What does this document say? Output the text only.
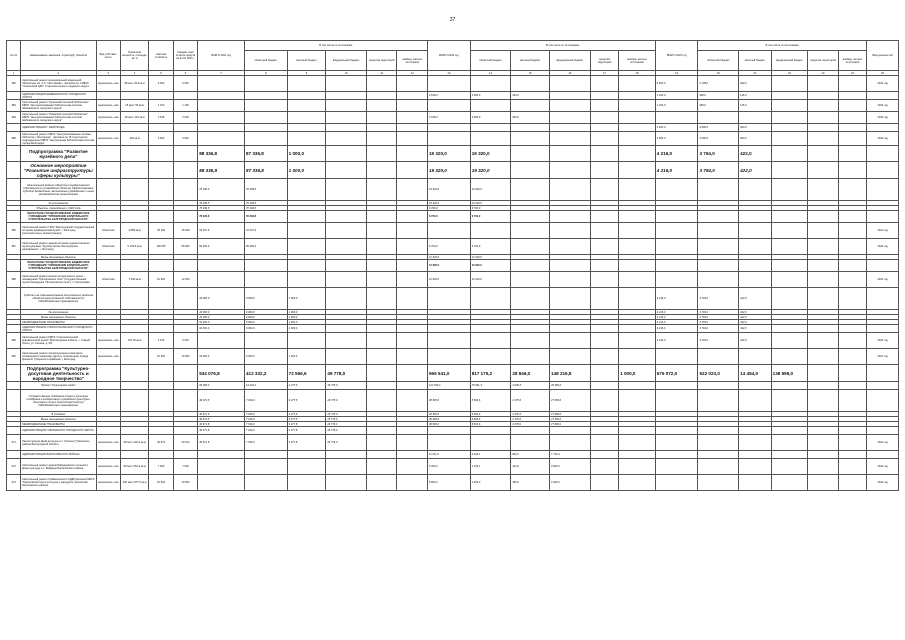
37
№ п/п	Наименование заказчика, отрасли(й), объектов	Вид собствен- ности	Проектная мощность, площадь, кв. м	Сметная стоимость	Ожидае- мый остаток средств на 01.01 2021 г.	ВСЕГО 2021 год	В том числе по источникам:					ВСЕГО 2022 год	В том числе по источникам:					ВСЕГО 2023 год	В том числе по источникам:					Ввод мощностей
							областной бюджет	местный бюджет	федеральный бюджет	средства территорий	внебюд- жетных источников		областной бюджет	местный бюджет	федеральный бюджет	средства территорий	внебюд- жетных источников		областной бюджет	местный бюджет	федеральный бюджет	средства территорий	внебюд- жетных источников	
1	2	3	4	5	6	7	8	9	10	11	12	13	14	15	16	17	18	19	20	21	22	23	24	25
382	Капитальный ремонт муниципальной модельной библиотеки им. А.С. Светланова – филиала № 1 МБУК "Оскольский ЦБС" Старооскольского городского округа	муниципаль- ная	89 мест 313 кв.м	6 600	6 600													6 600,0	6 138,0	462,0				2023 год
	АДМИНИСТРАЦИЯ ШЕБЕКИНСКОГО ГОРОДСКОГО ОКРУГА											2 618,0	2 355,0	263,0				1 106,0	990,0	116,0				
383	Капитальный ремонт "Купинский сельской библиотеки" МБУК "Централизованная библиотечная система Шебекинского городского округа"	муниципаль- ная	15 мест 55 кв.м	1 100	1 100													1 106,0	990,0	116,0				2023 год
384	Капитальный ремонт "Ржевской сельской библиотеки" МБУК "Централизованная библиотечная система Шебекинского городского округа"	муниципаль- ная	28 мест 115 кв.м	2 618	2 618							2 618,0	2 355,0	263,0										2022 год
	АДМИНИСТРАЦИЯ Г. БЕЛГОРОДА																	4 600,0	4 000,0	600,0				
385	Капитальный ремонт МБУК "Централизованная система библиотек г. Белгорода" - филиала № 19 структурного подразделения МБУК "Центральная библиотечная система города Белгорода"	муниципаль- ная	340 кв.м	4 600	4 600													4 600,0	4 000,0	600,0				2023 год
	Подпрограмма "Развитие музейного дела"					88 336,8	87 336,8	1 000,0				19 320,0	19 320,0					4 216,0	3 794,0	422,0				
	Основное мероприятие "Развитие инфраструктуры сферы культуры"					88 336,8	87 336,8	1 000,0				19 320,0	19 320,0					4 216,0	3 794,0	422,0				
	Капитальный ремонт объектов государственной собственности (учреждений области) (Предоставление субсидий бюджетным, автономным учреждениям и иным некоммерческим организациям)					78 336,8	78 336,8					19 320,0	19 320,0											
	За исключением					70 336,8	70 336,8					10 320,0	10 320,0											
	Объекты, переходящие с 2020 года					78 336,8	78 336,8					6 700,0	6 700,0											
	ОБЛАСТНОЕ ГОСУДАРСТВЕННОЕ БЮДЖЕТНОЕ УЧРЕЖДЕНИЕ "УПРАВЛЕНИЕ КАПИТАЛЬНОГО СТРОИТЕЛЬСТВА БЕЛГОРОДСКОЙ ОБЛАСТИ"					78 336,8	78 336,8					6 700,0	6 700,0											
386	Капитальный ремонт ГБУК "Белгородский государственный историко-краеведческий музей", г. Белгород (дополнительно, реконструкция)	областная	4 889 кв.м	45 193	16 030	15 037,5	16 037,5																	2021 год
387	Капитальный ремонт здания историко-художественного музея-диорамы "Курская битва. Белгородское направление", г. Белгород	областная	5 103,9 кв.м	136 557	56 900	56 299,3	56 299,3					6 700,0	6 700,0											2022 год
	Вновь начинаемые объекты											12 620,0	12 620,0											
	ОБЛАСТНОЕ ГОСУДАРСТВЕННОЕ БЮДЖЕТНОЕ УЧРЕЖДЕНИЕ "УПРАВЛЕНИЕ КАПИТАЛЬНОГО СТРОИТЕЛЬСТВА БЕЛГОРОДСКОЙ ОБЛАСТИ"											12 620,0	12 620,0											
388	Капитальный ремонт военно-исторического музея-заповедника "Прохоровское поле" (Государственный музей-заповедник "Прохоровское поле"), п. Прохоровка	областная	7 946 кв.м	12 620	12 620							12 620,0	12 620,0											2022 год
	Субсидии на софинансирование капитального ремонта объектов муниципальной собственности (Межбюджетные трансферты)					10 000,0	9 000,0	1 000,0										4 216,0	3 794,0	422,0				
	За исключением					10 000,0	9 000,0	1 000,0										4 216,0	3 794,0	422,0				
	Вновь начинаемые объекты					10 000,0	9 000,0	1 000,0										4 216,0	3 794,0	422,0				
	МЕЖБЮДЖЕТНЫЕ ТРАНСФЕРТЫ					10 000,0	9 000,0	1 000,0										4 216,0	3 794,0	422,0				
	АДМИНИСТРАЦИЯ СТАРООСКОЛЬСКОГО ГОРОДСКОГО ОКРУГА					10 000,0	9 000,0	1 000,0										4 216,0	3 794,0	422,0				
389	Капитальный ремонт МБУК "Старооскольский краеведческий музей" (Белгородская область, г. Старый Оскол, ул. Ленина, д. 50)	муниципаль- ная	197,20 кв.м	4 216	4 216													4 216,0	3 794,0	422,0				2023 год
390	Капитальный ремонт экспозиционного комплекса, посвящённого казачьему-фронту отмечённому отряда Донского Губернского крайкома, г. Белгород	муниципаль- ная		10 000	10 000	10 000,0	9 000,0	1 000,0																2021 год
	Подпрограмма "Культурно-досуговая деятельность и народное творчество"					534 076,8	412 332,2	72 566,6	49 778,0			969 541,0	817 175,2	28 846,0	148 216,8		1 000,0	675 072,0	522 023,0	14 454,0	138 595,0			
	Проект "Культурная среда"					66 288,3	13 232,2	3 277,8	49 778,0			122 549,1	78 961,3	3 006,8	40 580,0									
	Государственная поддержка отрасли культуры (поддержка в модернизации учреждений культурно-досугового типа в сельской местности) (Межбюджетные трансферты)					40 971,8	7 916,0	3 277,8	29 778,0			38 965,0	8 604,6	2 378,0	27 980,0									
	В скобками					40 971,8	7 916,0	3 277,8	29 778,0			38 965,0	8 604,6	2 378,0	27 980,0									
	Вновь начинаемые объекты					40 971,8	7 916,0	3 277,8	29 778,0			38 965,0	8 604,6	2 378,0	27 980,0									
	МЕЖБЮДЖЕТНЫЕ ТРАНСФЕРТЫ					40 971,8	7 916,0	3 277,8	29 778,0			38 965,0	8 604,6	2 378,0	27 980,0									
	АДМИНИСТРАЦИЯ ГУБКИНСКОГО ГОРОДСКОГО ОКРУГА					40 971,8	7 916,0	3 277,8	29 778,0															
371	Реконструкция Дома культуры в с. Осколец Губкинского района Белгородской области	муниципаль- ная	98 мест 420,3 кв.м	40 972	40 972	40 971,8	7 916,0	3 277,8	29 778,0															2021 год
	АДМИНИСТРАЦИЯ БОРИСОВСКОГО РАЙОНА											11 041,0	2 439,1	862,2	7 740,4									
372	Капитальный ремонт здания Байдаровского сельского Дома культуры в с. Байдары Борисовского района	муниципаль- ная	90 мест 254,9 кв.м	7 606	7 606							5 360,0	1 145,1	414,9	3 820,0									2022 год
373	Капитальный ремонт Грайворонского СДДК филиала МБУК "Борисовский центр культуры и народного творчества" Борисовского района	муниципаль- ная	220 мест 877,6 кв.м	10 593	10 593							5 806,0	1 293,0	495,0	4 000,0									2022 год
